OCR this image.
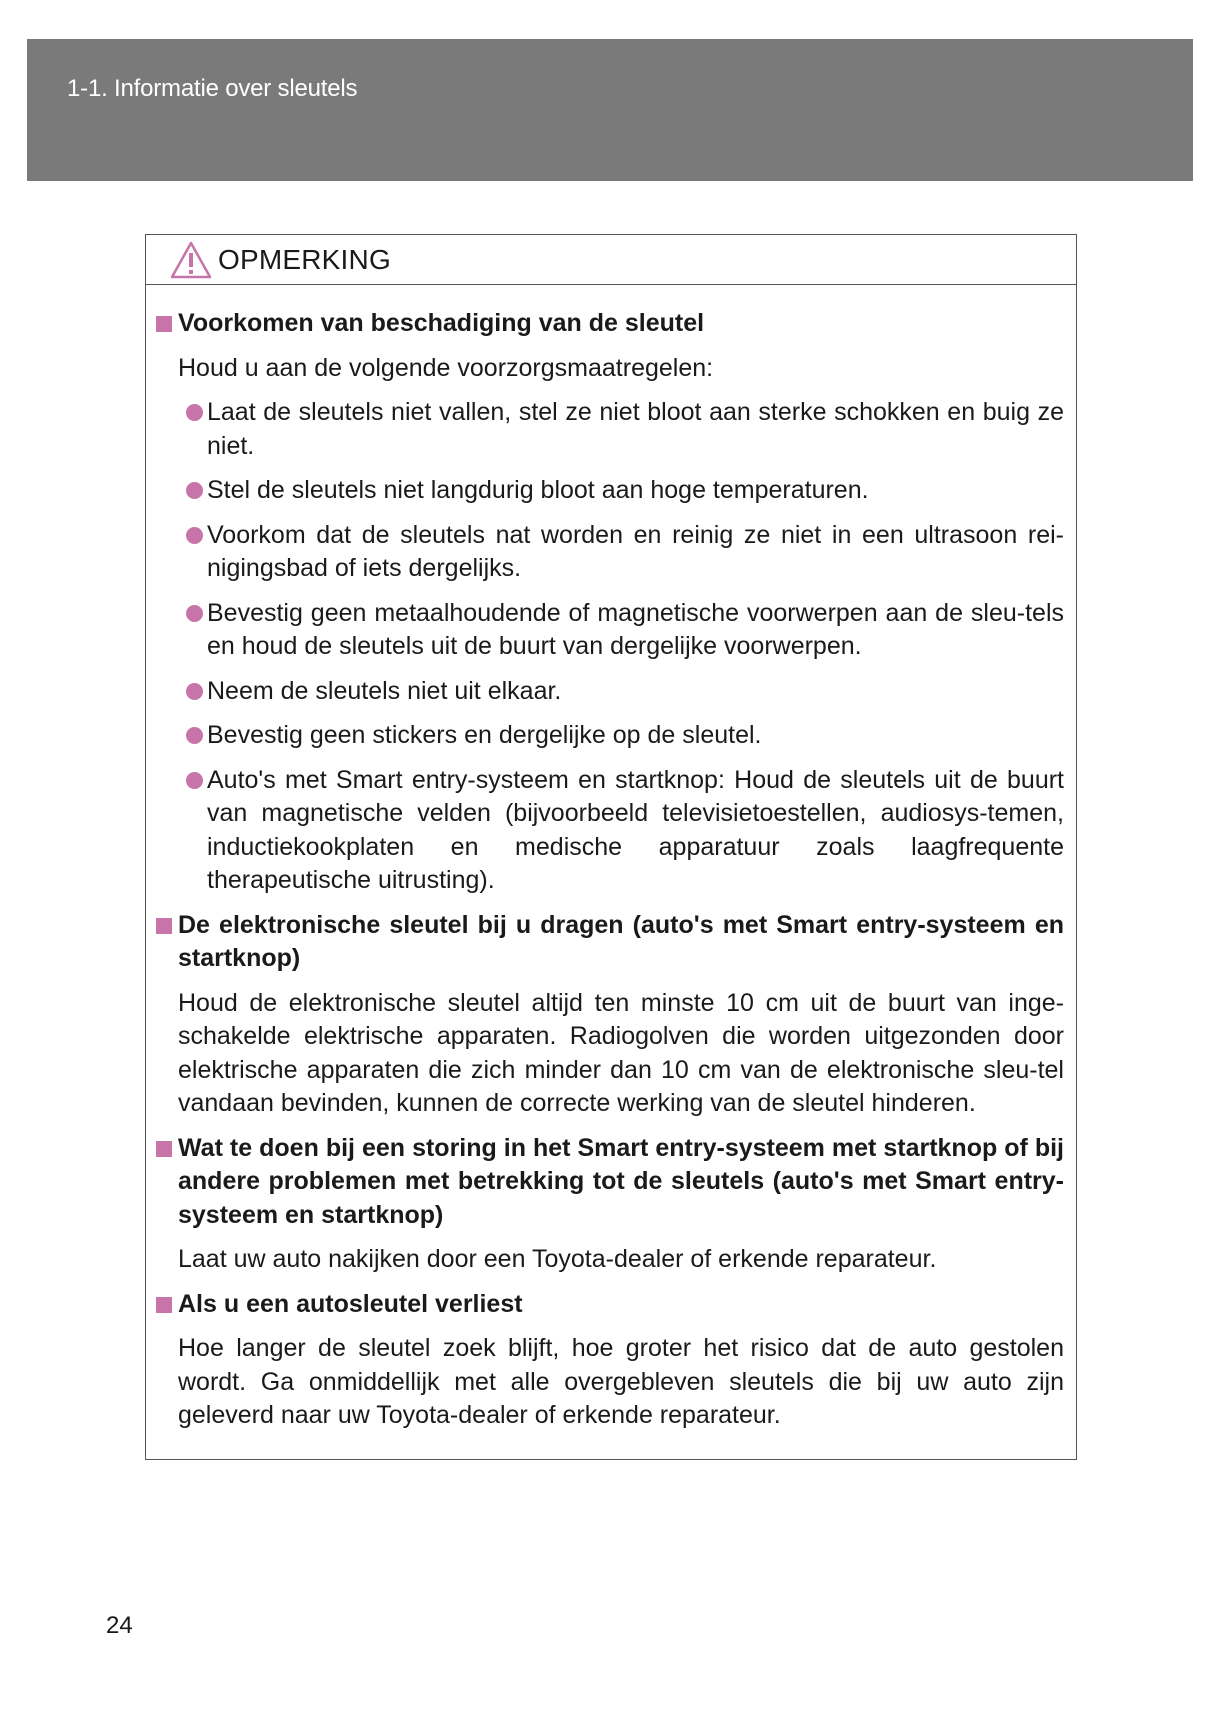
1-1. Informatie over sleutels
OPMERKING
Voorkomen van beschadiging van de sleutel
Houd u aan de volgende voorzorgsmaatregelen:
Laat de sleutels niet vallen, stel ze niet bloot aan sterke schokken en buig ze niet.
Stel de sleutels niet langdurig bloot aan hoge temperaturen.
Voorkom dat de sleutels nat worden en reinig ze niet in een ultrasoon rei-nigingsbad of iets dergelijks.
Bevestig geen metaalhoudende of magnetische voorwerpen aan de sleu-tels en houd de sleutels uit de buurt van dergelijke voorwerpen.
Neem de sleutels niet uit elkaar.
Bevestig geen stickers en dergelijke op de sleutel.
Auto's met Smart entry-systeem en startknop: Houd de sleutels uit de buurt van magnetische velden (bijvoorbeeld televisietoestellen, audiosys-temen, inductiekookplaten en medische apparatuur zoals laagfrequente therapeutische uitrusting).
De elektronische sleutel bij u dragen (auto's met Smart entry-systeem en startknop)
Houd de elektronische sleutel altijd ten minste 10 cm uit de buurt van inge-schakelde elektrische apparaten. Radiogolven die worden uitgezonden door elektrische apparaten die zich minder dan 10 cm van de elektronische sleu-tel vandaan bevinden, kunnen de correcte werking van de sleutel hinderen.
Wat te doen bij een storing in het Smart entry-systeem met startknop of bij andere problemen met betrekking tot de sleutels (auto's met Smart entry-systeem en startknop)
Laat uw auto nakijken door een Toyota-dealer of erkende reparateur.
Als u een autosleutel verliest
Hoe langer de sleutel zoek blijft, hoe groter het risico dat de auto gestolen wordt. Ga onmiddellijk met alle overgebleven sleutels die bij uw auto zijn geleverd naar uw Toyota-dealer of erkende reparateur.
24
